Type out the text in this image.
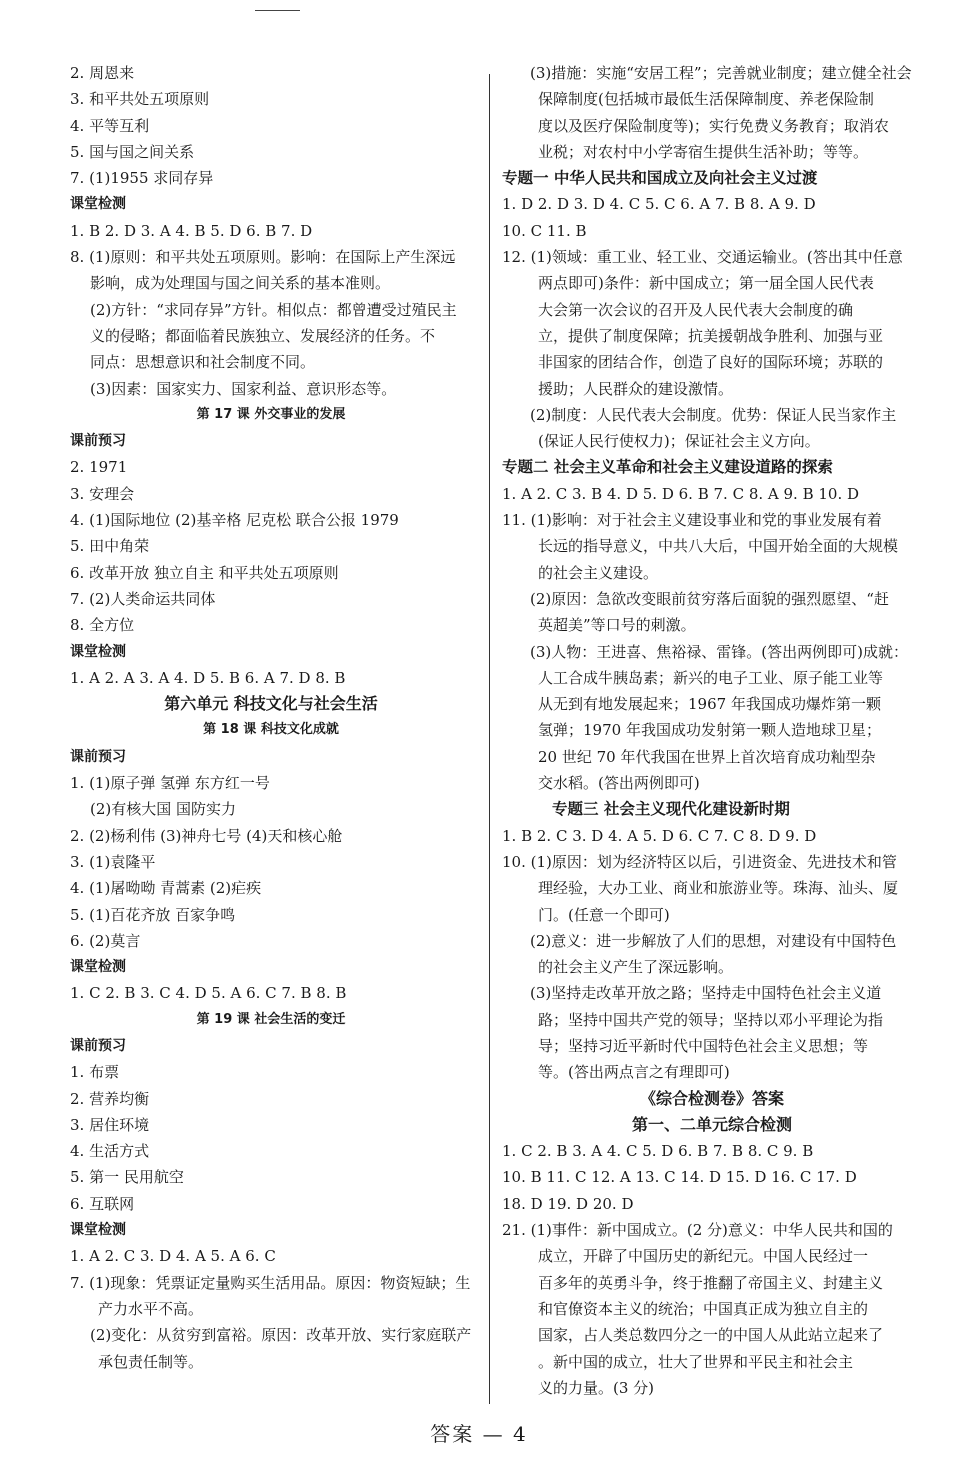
2. 周恩来
3. 和平共处五项原则
4. 平等互利
5. 国与国之间关系
7. (1)1955 求同存异
课堂检测
1. B 2. D 3. A 4. B 5. D 6. B 7. D
8. (1)原则：和平共处五项原则。影响：在国际上产生深远
影响，成为处理国与国之间关系的基本准则。
(2)方针：“求同存异”方针。相似点：都曾遭受过殖民主
义的侵略；都面临着民族独立、发展经济的任务。不
同点：思想意识和社会制度不同。
(3)因素：国家实力、国家利益、意识形态等。
第 17 课 外交事业的发展
课前预习
2. 1971
3. 安理会
4. (1)国际地位 (2)基辛格 尼克松 联合公报 1979
5. 田中角荣
6. 改革开放 独立自主 和平共处五项原则
7. (2)人类命运共同体
8. 全方位
课堂检测
1. A 2. A 3. A 4. D 5. B 6. A 7. D 8. B
第六单元 科技文化与社会生活
第 18 课 科技文化成就
课前预习
1. (1)原子弹 氢弹 东方红一号
(2)有核大国 国防实力
2. (2)杨利伟 (3)神舟七号 (4)天和核心舱
3. (1)袁隆平
4. (1)屠呦呦 青蒿素 (2)疟疾
5. (1)百花齐放 百家争鸣
6. (2)莫言
课堂检测
1. C 2. B 3. C 4. D 5. A 6. C 7. B 8. B
第 19 课 社会生活的变迁
课前预习
1. 布票
2. 营养均衡
3. 居住环境
4. 生活方式
5. 第一 民用航空
6. 互联网
课堂检测
1. A 2. C 3. D 4. A 5. A 6. C
7. (1)现象：凭票证定量购买生活用品。原因：物资短缺；生
产力水平不高。
(2)变化：从贫穷到富裕。原因：改革开放、实行家庭联产
承包责任制等。
(3)措施：实施“安居工程”；完善就业制度；建立健全社会
保障制度(包括城市最低生活保障制度、养老保险制
度以及医疗保险制度等)；实行免费义务教育；取消农
业税；对农村中小学寄宿生提供生活补助；等等。
专题一 中华人民共和国成立及向社会主义过渡
1. D 2. D 3. D 4. C 5. C 6. A 7. B 8. A 9. D
10. C 11. B
12. (1)领域：重工业、轻工业、交通运输业。(答出其中任意
两点即可)条件：新中国成立；第一届全国人民代表
大会第一次会议的召开及人民代表大会制度的确
立，提供了制度保障；抗美援朝战争胜利、加强与亚
非国家的团结合作，创造了良好的国际环境；苏联的
援助；人民群众的建设激情。
(2)制度：人民代表大会制度。优势：保证人民当家作主
(保证人民行使权力)；保证社会主义方向。
专题二 社会主义革命和社会主义建设道路的探索
1. A 2. C 3. B 4. D 5. D 6. B 7. C 8. A 9. B 10. D
11. (1)影响：对于社会主义建设事业和党的事业发展有着
长远的指导意义，中共八大后，中国开始全面的大规模
的社会主义建设。
(2)原因：急欲改变眼前贫穷落后面貌的强烈愿望、“赶
英超美”等口号的刺激。
(3)人物：王进喜、焦裕禄、雷锋。(答出两例即可)成就：
人工合成牛胰岛素；新兴的电子工业、原子能工业等
从无到有地发展起来；1967 年我国成功爆炸第一颗
氢弹；1970 年我国成功发射第一颗人造地球卫星；
20 世纪 70 年代我国在世界上首次培育成功籼型杂
交水稻。(答出两例即可)
专题三 社会主义现代化建设新时期
1. B 2. C 3. D 4. A 5. D 6. C 7. C 8. D 9. D
10. (1)原因：划为经济特区以后，引进资金、先进技术和管
理经验，大办工业、商业和旅游业等。珠海、汕头、厦
门。(任意一个即可)
(2)意义：进一步解放了人们的思想，对建设有中国特色
的社会主义产生了深远影响。
(3)坚持走改革开放之路；坚持走中国特色社会主义道
路；坚持中国共产党的领导；坚持以邓小平理论为指
导；坚持习近平新时代中国特色社会主义思想；等
等。(答出两点言之有理即可)
《综合检测卷》答案
第一、二单元综合检测
1. C 2. B 3. A 4. C 5. D 6. B 7. B 8. C 9. B
10. B 11. C 12. A 13. C 14. D 15. D 16. C 17. D
18. D 19. D 20. D
21. (1)事件：新中国成立。(2 分)意义：中华人民共和国的
成立，开辟了中国历史的新纪元。中国人民经过一
百多年的英勇斗争，终于推翻了帝国主义、封建主义
和官僚资本主义的统治；中国真正成为独立自主的
国家，占人类总数四分之一的中国人从此站立起来了
。新中国的成立，壮大了世界和平民主和社会主
义的力量。(3 分)
答案 — 4
